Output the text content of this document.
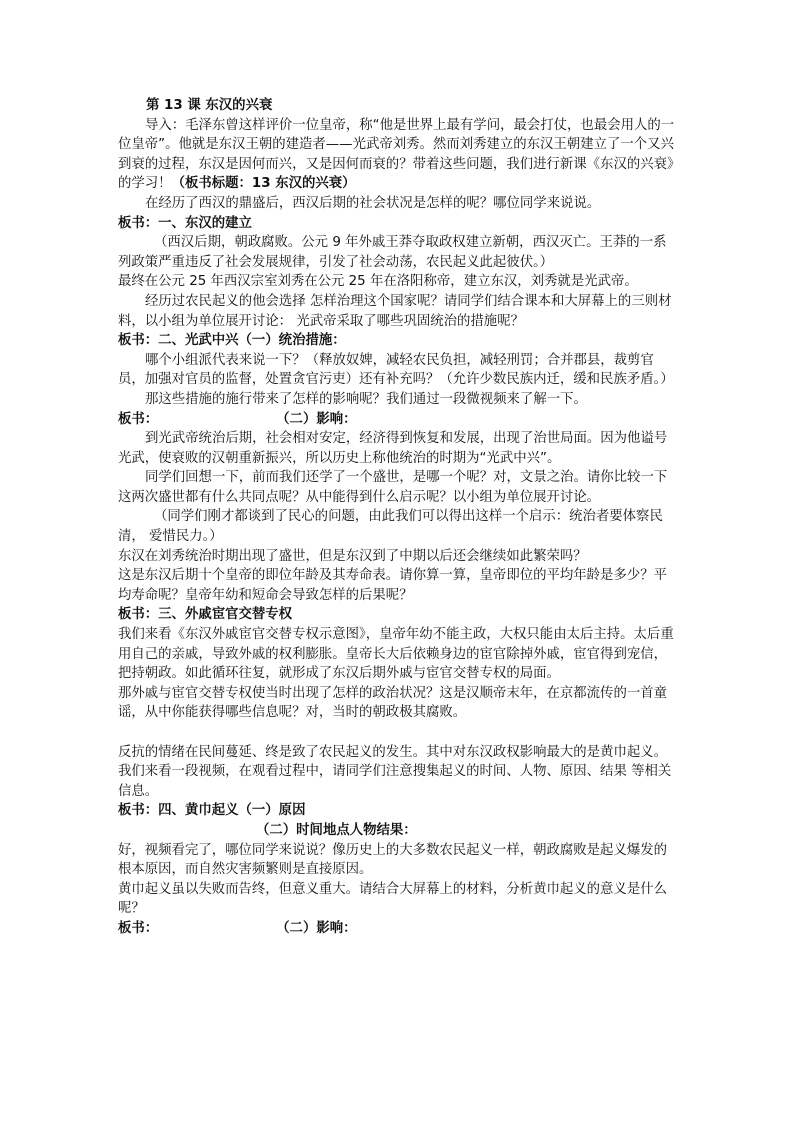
第 13 课 东汉的兴衰

导入：毛泽东曾这样评价一位皇帝，称“他是世界上最有学问，最会打仗，也最会用人的一位皇帝”。他就是东汉王朝的建造者——光武帝刘秀。然而刘秀建立的东汉王朝建立了一个又兴到衰的过程，东汉是因何而兴，又是因何而衰的？带着这些问题，我们进行新课《东汉的兴衰》的学习！（板书标题：13 东汉的兴衰）

在经历了西汉的鼎盛后，西汉后期的社会状况是怎样的呢？哪位同学来说说。

板书：一、东汉的建立

（西汉后期，朝政腐败。公元 9 年外戚王莽夺取政权建立新朝，西汉灭亡。王莽的一系列政策严重违反了社会发展规律，引发了社会动荡，农民起义此起彼伏。）

最终在公元 25 年西汉宗室刘秀在公元 25 年在洛阳称帝，建立东汉，刘秀就是光武帝。

经历过农民起义的他会选择 怎样治理这个国家呢？请同学们结合课本和大屏幕上的三则材料，以小组为单位展开讨论： 光武帝采取了哪些巩固统治的措施呢？

板书：二、光武中兴（一）统治措施：

哪个小组派代表来说一下？（释放奴婢，减轻农民负担，减轻刑罚；合并郡县，裁剪官员，加强对官员的监督，处置贪官污吏）还有补充吗？（允许少数民族内迁，缓和民族矛盾。）

那这些措施的施行带来了怎样的影响呢？我们通过一段微视频来了解一下。

板书：	（二）影响：

到光武帝统治后期，社会相对安定，经济得到恢复和发展，出现了治世局面。因为他谥号光武，使衰败的汉朝重新振兴，所以历史上称他统治的时期为“光武中兴”。

同学们回想一下，前而我们还学了一个盛世，是哪一个呢？对，文景之治。请你比较一下这两次盛世都有什么共同点呢？从中能得到什么启示呢？以小组为单位展开讨论。

（同学们刚才都谈到了民心的问题，由此我们可以得出这样一个启示：统治者要体察民清， 爱惜民力。）

东汉在刘秀统治时期出现了盛世，但是东汉到了中期以后还会继续如此繁荣吗？

这是东汉后期十个皇帝的即位年龄及其寿命表。请你算一算，皇帝即位的平均年龄是多少？平均寿命呢？皇帝年幼和短命会导致怎样的后果呢？

板书：三、外戚宦官交替专权

我们来看《东汉外戚宦官交替专权示意图》，皇帝年幼不能主政，大权只能由太后主持。太后重用自己的亲戚，导致外戚的权利膨胀。皇帝长大后依赖身边的宦官除掉外戚，宦官得到宠信，把持朝政。如此循环往复，就形成了东汉后期外戚与宦官交替专权的局面。

那外戚与宦官交替专权使当时出现了怎样的政治状况？这是汉顺帝末年，在京都流传的一首童谣，从中你能获得哪些信息呢？对，当时的朝政极其腐败。

反抗的情绪在民间蔓延、终是致了农民起义的发生。其中对东汉政权影响最大的是黄巾起义。 我们来看一段视频，在观看过程中，请同学们注意搜集起义的时间、人物、原因、结果 等相关信息。

板书：四、黄巾起义（一）原因

（二）时间地点人物结果：

好，视频看完了，哪位同学来说说？像历史上的大多数农民起义一样，朝政腐败是起义爆发的根本原因，而自然灾害频繁则是直接原因。

黄巾起义虽以失败而告终，但意义重大。请结合大屏幕上的材料，分析黄巾起义的意义是什么呢？

板书：	（二）影响：
